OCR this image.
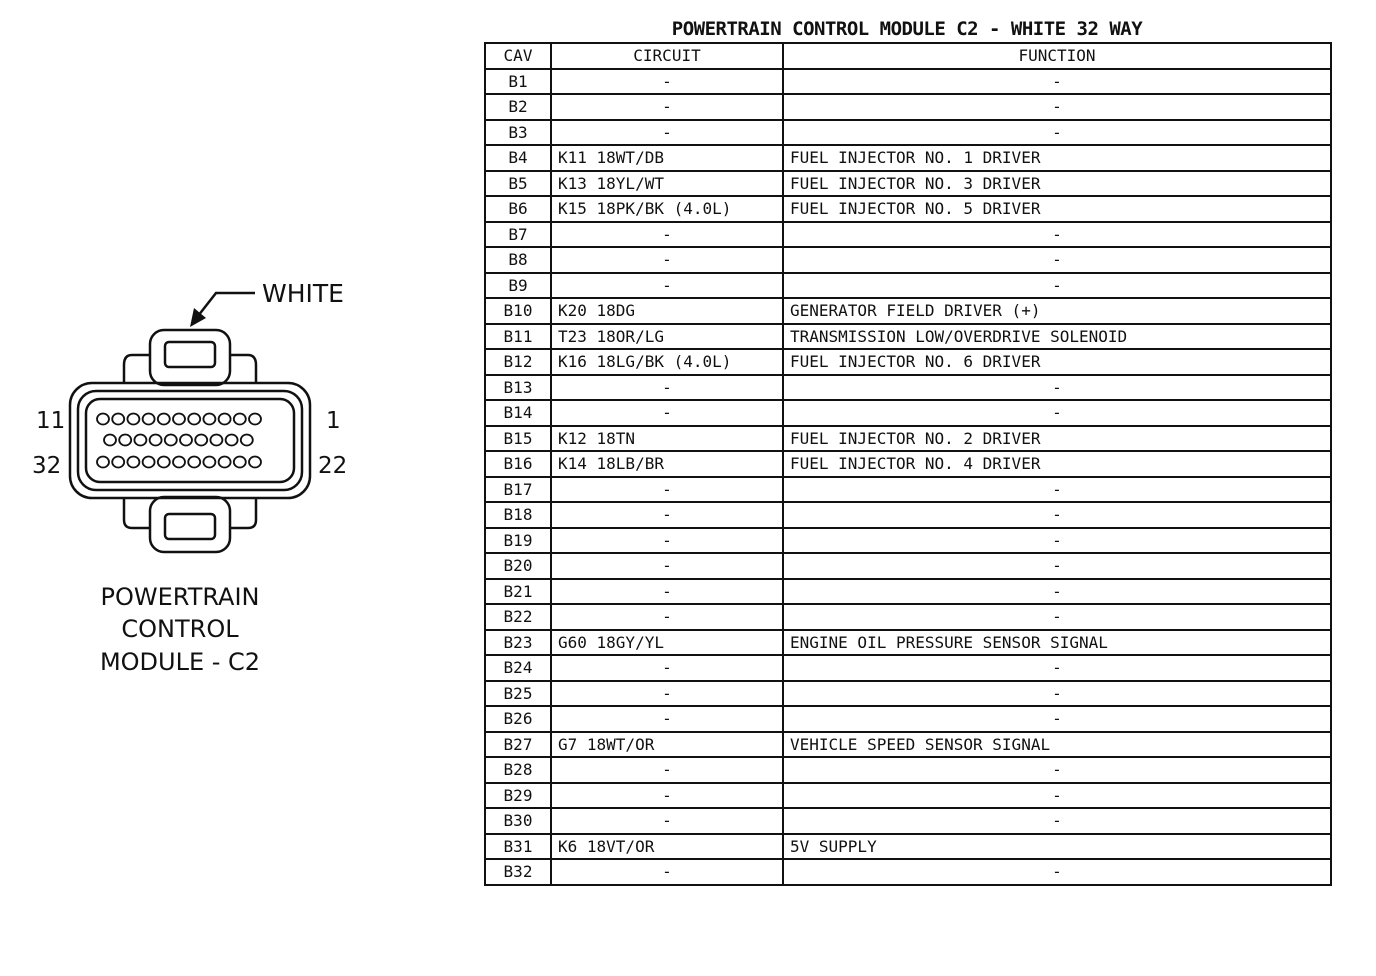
WHITE
11	1
32	22
POWERTRAIN
CONTROL
MODULE - C2
POWERTRAIN CONTROL MODULE C2 - WHITE 32 WAY
CAV	CIRCUIT	FUNCTION
B1	-	-
B2	-	-
B3	-	-
B4	K11 18WT/DB	FUEL INJECTOR NO. 1 DRIVER
B5	K13 18YL/WT	FUEL INJECTOR NO. 3 DRIVER
B6	K15 18PK/BK (4.0L)	FUEL INJECTOR NO. 5 DRIVER
B7	-	-
B8	-	-
B9	-	-
B10	K20 18DG	GENERATOR FIELD DRIVER (+)
B11	T23 18OR/LG	TRANSMISSION LOW/OVERDRIVE SOLENOID
B12	K16 18LG/BK (4.0L)	FUEL INJECTOR NO. 6 DRIVER
B13	-	-
B14	-	-
B15	K12 18TN	FUEL INJECTOR NO. 2 DRIVER
B16	K14 18LB/BR	FUEL INJECTOR NO. 4 DRIVER
B17	-	-
B18	-	-
B19	-	-
B20	-	-
B21	-	-
B22	-	-
B23	G60 18GY/YL	ENGINE OIL PRESSURE SENSOR SIGNAL
B24	-	-
B25	-	-
B26	-	-
B27	G7 18WT/OR	VEHICLE SPEED SENSOR SIGNAL
B28	-	-
B29	-	-
B30	-	-
B31	K6 18VT/OR	5V SUPPLY
B32	-	-
